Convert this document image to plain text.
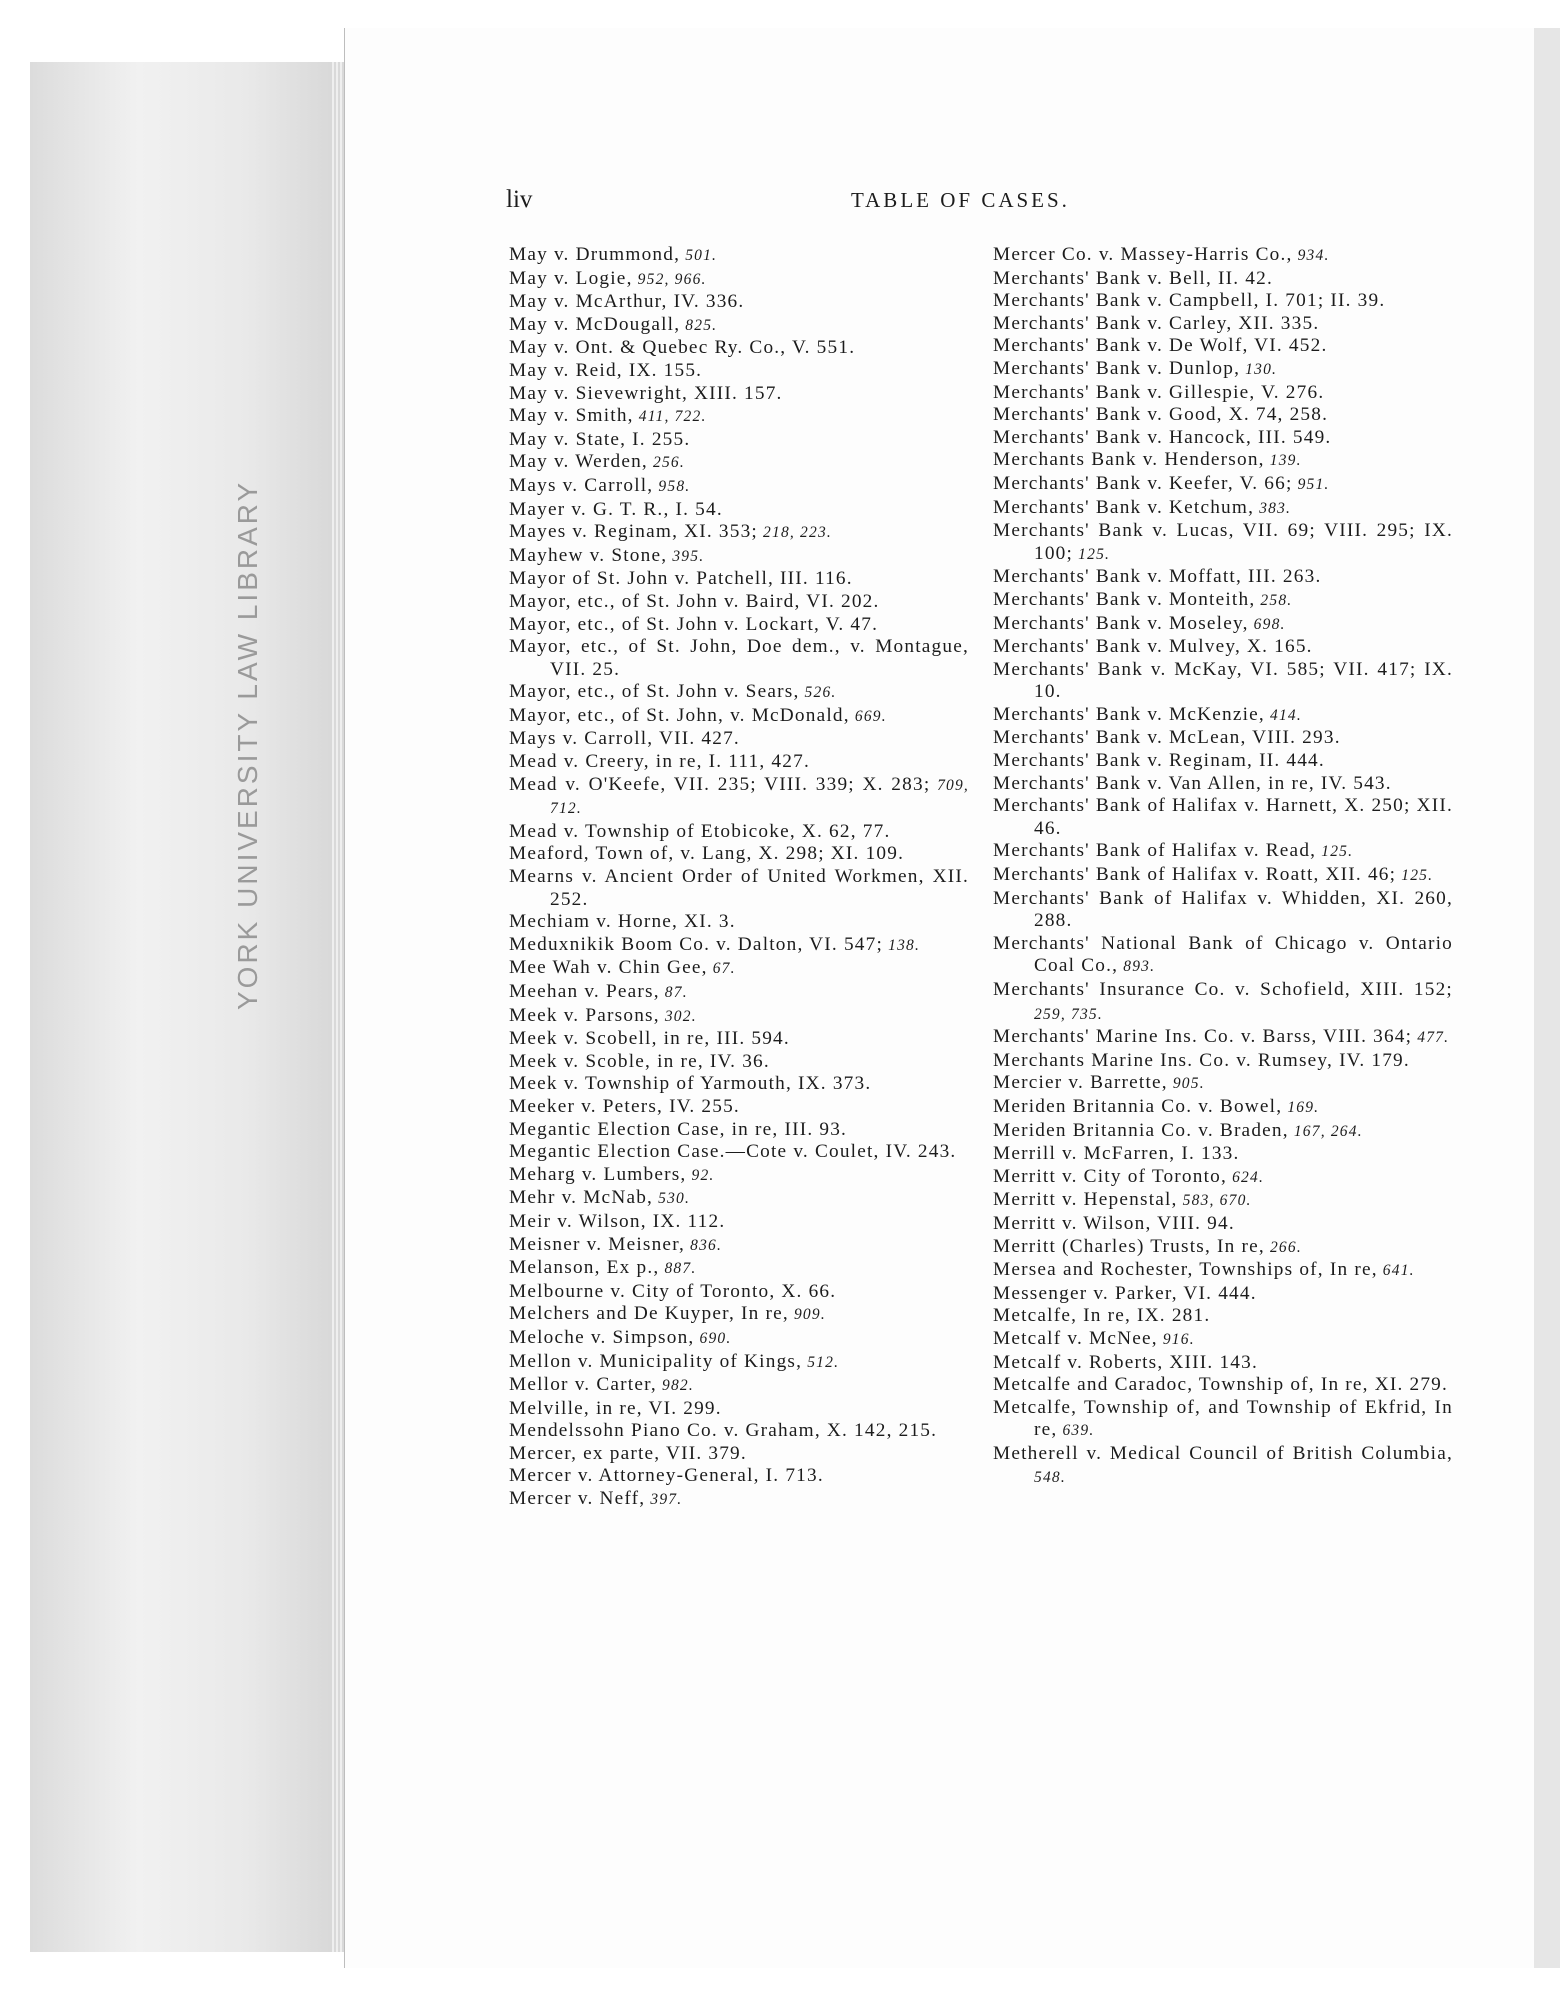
YORK UNIVERSITY LAW LIBRARY
liv	TABLE OF CASES.
May v. Drummond, 501.
May v. Logie, 952, 966.
May v. McArthur, IV. 336.
May v. McDougall, 825.
May v. Ont. & Quebec Ry. Co., V. 551.
May v. Reid, IX. 155.
May v. Sievewright, XIII. 157.
May v. Smith, 411, 722.
May v. State, I. 255.
May v. Werden, 256.
Mays v. Carroll, 958.
Mayer v. G. T. R., I. 54.
Mayes v. Reginam, XI. 353; 218, 223.
Mayhew v. Stone, 395.
Mayor of St. John v. Patchell, III. 116.
Mayor, etc., of St. John v. Baird, VI. 202.
Mayor, etc., of St. John v. Lockart, V. 47.
Mayor, etc., of St. John, Doe dem., v. Montague, VII. 25.
Mayor, etc., of St. John v. Sears, 526.
Mayor, etc., of St. John, v. McDonald, 669.
Mays v. Carroll, VII. 427.
Mead v. Creery, in re, I. 111, 427.
Mead v. O'Keefe, VII. 235; VIII. 339; X. 283; 709, 712.
Mead v. Township of Etobicoke, X. 62, 77.
Meaford, Town of, v. Lang, X. 298; XI. 109.
Mearns v. Ancient Order of United Workmen, XII. 252.
Mechiam v. Horne, XI. 3.
Meduxnikik Boom Co. v. Dalton, VI. 547; 138.
Mee Wah v. Chin Gee, 67.
Meehan v. Pears, 87.
Meek v. Parsons, 302.
Meek v. Scobell, in re, III. 594.
Meek v. Scoble, in re, IV. 36.
Meek v. Township of Yarmouth, IX. 373.
Meeker v. Peters, IV. 255.
Megantic Election Case, in re, III. 93.
Megantic Election Case.—Cote v. Coulet, IV. 243.
Meharg v. Lumbers, 92.
Mehr v. McNab, 530.
Meir v. Wilson, IX. 112.
Meisner v. Meisner, 836.
Melanson, Ex p., 887.
Melbourne v. City of Toronto, X. 66.
Melchers and De Kuyper, In re, 909.
Meloche v. Simpson, 690.
Mellon v. Municipality of Kings, 512.
Mellor v. Carter, 982.
Melville, in re, VI. 299.
Mendelssohn Piano Co. v. Graham, X. 142, 215.
Mercer, ex parte, VII. 379.
Mercer v. Attorney-General, I. 713.
Mercer v. Neff, 397.
Mercer Co. v. Massey-Harris Co., 934.
Merchants' Bank v. Bell, II. 42.
Merchants' Bank v. Campbell, I. 701; II. 39.
Merchants' Bank v. Carley, XII. 335.
Merchants' Bank v. De Wolf, VI. 452.
Merchants' Bank v. Dunlop, 130.
Merchants' Bank v. Gillespie, V. 276.
Merchants' Bank v. Good, X. 74, 258.
Merchants' Bank v. Hancock, III. 549.
Merchants Bank v. Henderson, 139.
Merchants' Bank v. Keefer, V. 66; 951.
Merchants' Bank v. Ketchum, 383.
Merchants' Bank v. Lucas, VII. 69; VIII. 295; IX. 100; 125.
Merchants' Bank v. Moffatt, III. 263.
Merchants' Bank v. Monteith, 258.
Merchants' Bank v. Moseley, 698.
Merchants' Bank v. Mulvey, X. 165.
Merchants' Bank v. McKay, VI. 585; VII. 417; IX. 10.
Merchants' Bank v. McKenzie, 414.
Merchants' Bank v. McLean, VIII. 293.
Merchants' Bank v. Reginam, II. 444.
Merchants' Bank v. Van Allen, in re, IV. 543.
Merchants' Bank of Halifax v. Harnett, X. 250; XII. 46.
Merchants' Bank of Halifax v. Read, 125.
Merchants' Bank of Halifax v. Roatt, XII. 46; 125.
Merchants' Bank of Halifax v. Whidden, XI. 260, 288.
Merchants' National Bank of Chicago v. Ontario Coal Co., 893.
Merchants' Insurance Co. v. Schofield, XIII. 152; 259, 735.
Merchants' Marine Ins. Co. v. Barss, VIII. 364; 477.
Merchants Marine Ins. Co. v. Rumsey, IV. 179.
Mercier v. Barrette, 905.
Meriden Britannia Co. v. Bowel, 169.
Meriden Britannia Co. v. Braden, 167, 264.
Merrill v. McFarren, I. 133.
Merritt v. City of Toronto, 624.
Merritt v. Hepenstal, 583, 670.
Merritt v. Wilson, VIII. 94.
Merritt (Charles) Trusts, In re, 266.
Mersea and Rochester, Townships of, In re, 641.
Messenger v. Parker, VI. 444.
Metcalfe, In re, IX. 281.
Metcalf v. McNee, 916.
Metcalf v. Roberts, XIII. 143.
Metcalfe and Caradoc, Township of, In re, XI. 279.
Metcalfe, Township of, and Township of Ekfrid, In re, 639.
Metherell v. Medical Council of British Columbia, 548.
